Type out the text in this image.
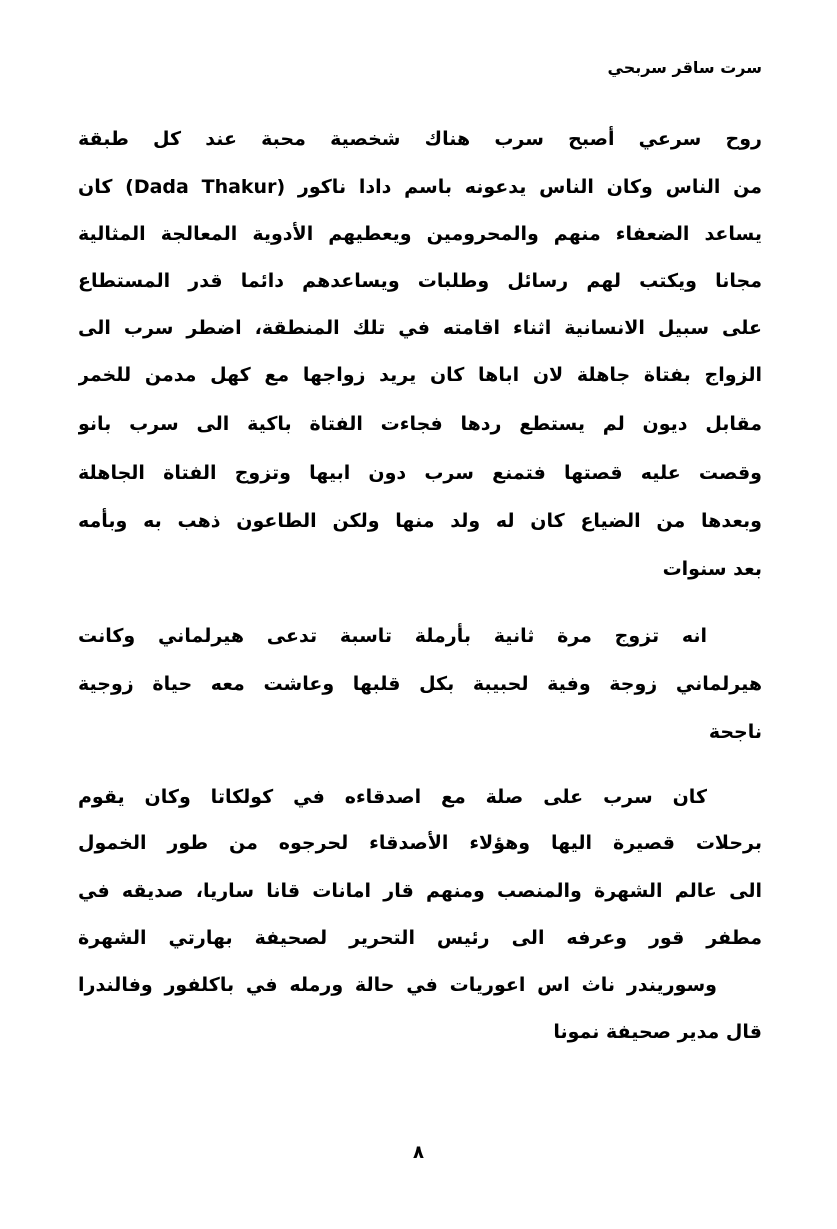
سرت ساقر سربحي
روح سرعي أصبح سرب هناك شخصية محبة عند كل طبقة
من الناس وكان الناس يدعونه باسم دادا ناكور (Dada Thakur) كان
يساعد الضعفاء منهم والمحرومين ويعطيهم الأدوية المعالجة المثالية
مجانا ويكتب لهم رسائل وطلبات ويساعدهم دائما قدر المستطاع
على سبيل الانسانية اثناء اقامته في تلك المنطقة، اضطر سرب الى
الزواج بفتاة جاهلة لان اباها كان يريد زواجها مع كهل مدمن للخمر
مقابل ديون لم يستطع ردها فجاءت الفتاة باكية الى سرب بانو
وقصت عليه قصتها فتمنع سرب دون ابيها وتزوج الفتاة الجاهلة
وبعدها من الضياع كان له ولد منها ولكن الطاعون ذهب به وبأمه
بعد سنوات
انه تزوج مرة ثانية بأرملة تاسبة تدعى هيرلماني وكانت
هيرلماني زوجة وفية لحبيبة بكل قلبها وعاشت معه حياة زوجية
ناجحة
كان سرب على صلة مع اصدقاءه في كولكاتا وكان يقوم
برحلات قصيرة اليها وهؤلاء الأصدقاء لحرجوه من طور الخمول
الى عالم الشهرة والمنصب ومنهم قار امانات قانا ساريا، صديقه في
مطفر قور وعرفه الى رئيس التحرير لصحيفة بهارتي الشهرة
وسوريندر ناث اس اعوريات في حالة ورمله في باكلفور وفالندرا
قال مدير صحيفة نمونا
٨
